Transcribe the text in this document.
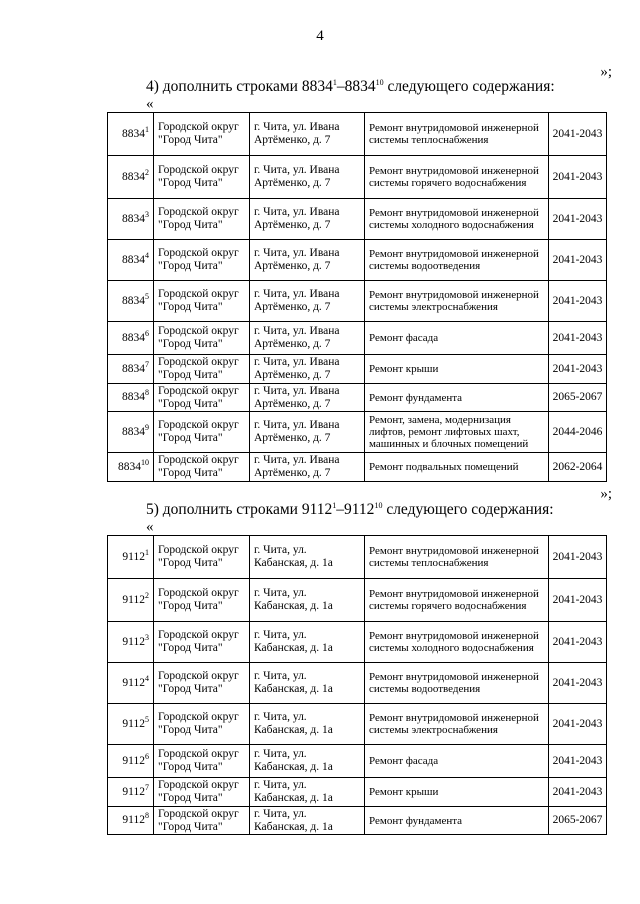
4
»;
4) дополнить строками 8834$^1$–8834$^{10}$ следующего содержания:
«
8834$^1$	Городской округ "Город Чита"	г. Чита, ул. Ивана Артёменко, д. 7	Ремонт внутридомовой инженерной системы теплоснабжения	2041-2043
8834$^2$	Городской округ "Город Чита"	г. Чита, ул. Ивана Артёменко, д. 7	Ремонт внутридомовой инженерной системы горячего водоснабжения	2041-2043
8834$^3$	Городской округ "Город Чита"	г. Чита, ул. Ивана Артёменко, д. 7	Ремонт внутридомовой инженерной системы холодного водоснабжения	2041-2043
8834$^4$	Городской округ "Город Чита"	г. Чита, ул. Ивана Артёменко, д. 7	Ремонт внутридомовой инженерной системы водоотведения	2041-2043
8834$^5$	Городской округ "Город Чита"	г. Чита, ул. Ивана Артёменко, д. 7	Ремонт внутридомовой инженерной системы электроснабжения	2041-2043
8834$^6$	Городской округ "Город Чита"	г. Чита, ул. Ивана Артёменко, д. 7	Ремонт фасада	2041-2043
8834$^7$	Городской округ "Город Чита"	г. Чита, ул. Ивана Артёменко, д. 7	Ремонт крыши	2041-2043
8834$^8$	Городской округ "Город Чита"	г. Чита, ул. Ивана Артёменко, д. 7	Ремонт фундамента	2065-2067
8834$^9$	Городской округ "Город Чита"	г. Чита, ул. Ивана Артёменко, д. 7	Ремонт, замена, модернизация лифтов, ремонт лифтовых шахт, машинных и блочных помещений	2044-2046
8834$^{10}$	Городской округ "Город Чита"	г. Чита, ул. Ивана Артёменко, д. 7	Ремонт подвальных помещений	2062-2064
»;
5) дополнить строками 9112$^1$–9112$^{10}$ следующего содержания:
«
9112$^1$	Городской округ "Город Чита"	г. Чита, ул. Кабанская, д. 1а	Ремонт внутридомовой инженерной системы теплоснабжения	2041-2043
9112$^2$	Городской округ "Город Чита"	г. Чита, ул. Кабанская, д. 1а	Ремонт внутридомовой инженерной системы горячего водоснабжения	2041-2043
9112$^3$	Городской округ "Город Чита"	г. Чита, ул. Кабанская, д. 1а	Ремонт внутридомовой инженерной системы холодного водоснабжения	2041-2043
9112$^4$	Городской округ "Город Чита"	г. Чита, ул. Кабанская, д. 1а	Ремонт внутридомовой инженерной системы водоотведения	2041-2043
9112$^5$	Городской округ "Город Чита"	г. Чита, ул. Кабанская, д. 1а	Ремонт внутридомовой инженерной системы электроснабжения	2041-2043
9112$^6$	Городской округ "Город Чита"	г. Чита, ул. Кабанская, д. 1а	Ремонт фасада	2041-2043
9112$^7$	Городской округ "Город Чита"	г. Чита, ул. Кабанская, д. 1а	Ремонт крыши	2041-2043
9112$^8$	Городской округ "Город Чита"	г. Чита, ул. Кабанская, д. 1а	Ремонт фундамента	2065-2067
